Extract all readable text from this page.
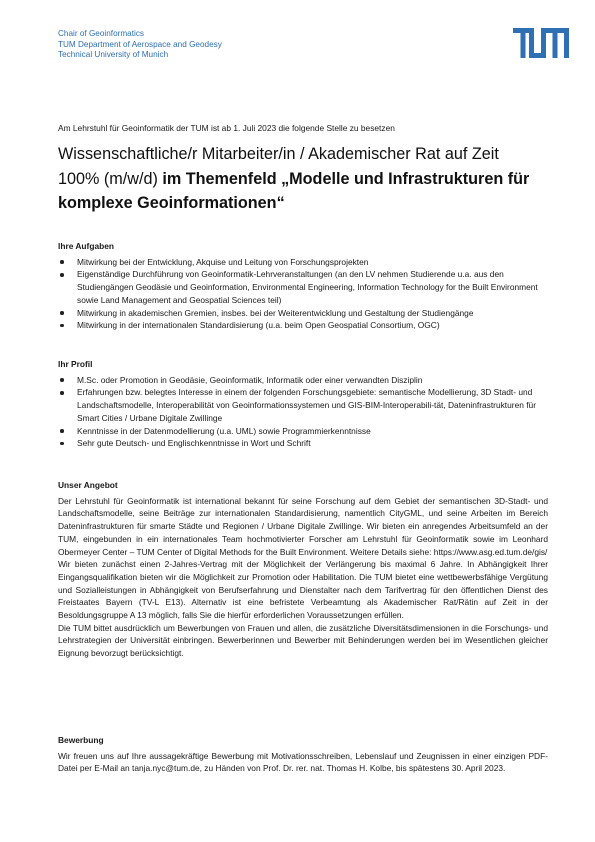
Chair of Geoinformatics
TUM Department of Aerospace and Geodesy
Technical University of Munich
Am Lehrstuhl für Geoinformatik der TUM ist ab 1. Juli 2023 die folgende Stelle zu besetzen
Wissenschaftliche/r Mitarbeiter/in / Akademischer Rat auf Zeit
100% (m/w/d) im Themenfeld „Modelle und Infrastrukturen für
komplexe Geoinformationen“
Ihre Aufgaben
Mitwirkung bei der Entwicklung, Akquise und Leitung von Forschungsprojekten
Eigenständige Durchführung von Geoinformatik-Lehrveranstaltungen (an den LV nehmen Studierende u.a. aus den Studiengängen Geodäsie und Geoinformation, Environmental Engineering, Information Technology for the Built Environment sowie Land Management and Geospatial Sciences teil)
Mitwirkung in akademischen Gremien, insbes. bei der Weiterentwicklung und Gestaltung der Studiengänge
Mitwirkung in der internationalen Standardisierung (u.a. beim Open Geospatial Consortium, OGC)
Ihr Profil
M.Sc. oder Promotion in Geodäsie, Geoinformatik, Informatik oder einer verwandten Disziplin
Erfahrungen bzw. belegtes Interesse in einem der folgenden Forschungsgebiete: semantische Modellierung, 3D Stadt- und Landschaftsmodelle, Interoperabilität von Geoinformationssystemen und GIS-BIM-Interoperabili-tät, Dateninfrastrukturen für Smart Cities / Urbane Digitale Zwillinge
Kenntnisse in der Datenmodellierung (u.a. UML) sowie Programmierkenntnisse
Sehr gute Deutsch- und Englischkenntnisse in Wort und Schrift
Unser Angebot

Der Lehrstuhl für Geoinformatik ist international bekannt für seine Forschung auf dem Gebiet der semantischen 3D-Stadt- und Landschaftsmodelle, seine Beiträge zur internationalen Standardisierung, namentlich CityGML, und seine Arbeiten im Bereich Dateninfrastrukturen für smarte Städte und Regionen / Urbane Digitale Zwillinge. Wir bieten ein anregendes Arbeitsumfeld an der TUM, eingebunden in ein internationales Team hochmotivierter Forscher am Lehrstuhl für Geoinformatik sowie im Leonhard Obermeyer Center – TUM Center of Digital Methods for the Built Environment. Weitere Details siehe: https://www.asg.ed.tum.de/gis/

Wir bieten zunächst einen 2-Jahres-Vertrag mit der Möglichkeit der Verlängerung bis maximal 6 Jahre. In Abhängigkeit Ihrer Eingangsqualifikation bieten wir die Möglichkeit zur Promotion oder Habilitation. Die TUM bietet eine wettbewerbsfähige Vergütung und Sozialleistungen in Abhängigkeit von Berufserfahrung und Dienstalter nach dem Tarifvertrag für den öffentlichen Dienst des Freistaates Bayern (TV-L E13). Alternativ ist eine befristete Verbeamtung als Akademischer Rat/Rätin auf Zeit in der Besoldungsgruppe A 13 möglich, falls Sie die hierfür erforderlichen Voraussetzungen erfüllen.

Die TUM bittet ausdrücklich um Bewerbungen von Frauen und allen, die zusätzliche Diversitätsdimensionen in die Forschungs- und Lehrstrategien der Universität einbringen. Bewerberinnen und Bewerber mit Behinderungen werden bei im Wesentlichen gleicher Eignung bevorzugt berücksichtigt.

Bewerbung

Wir freuen uns auf Ihre aussagekräftige Bewerbung mit Motivationsschreiben, Lebenslauf und Zeugnissen in einer einzigen PDF-Datei per E-Mail an tanja.nyc@tum.de, zu Händen von Prof. Dr. rer. nat. Thomas H. Kolbe, bis spätestens 30. April 2023.
